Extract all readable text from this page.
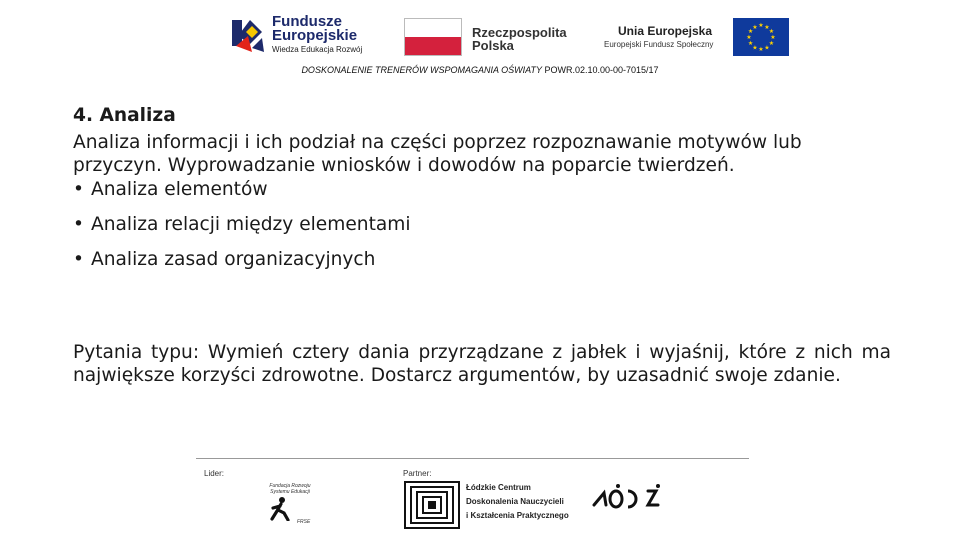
Fundusze
Europejskie
Wiedza Edukacja Rozwój
Rzeczpospolita
Polska
Unia Europejska
Europejski Fundusz Społeczny
★
★
★
★
★
★
★
★
★ ★ ★
★
DOSKONALENIE TRENERÓW WSPOMAGANIA OŚWIATY POWR.02.10.00-00-7015/17

4. Analiza

Analiza informacji i ich podział na części poprzez rozpoznawanie motywów lub przyczyn. Wyprowadzanie wniosków i dowodów na poparcie twierdzeń.

• Analiza elementów
• Analiza relacji między elementami
• Analiza zasad organizacyjnych
Pytania typu: Wymień cztery dania przyrządzane z jabłek i wyjaśnij, które z nich ma największe korzyści zdrowotne. Dostarcz argumentów, by uzasadnić swoje zdanie.
Lider:	Partner:
Fundacja Rozwoju
Systemu Edukacji
FRSE
Łódzkie Centrum
Doskonalenia Nauczycieli
i Kształcenia Praktycznego
